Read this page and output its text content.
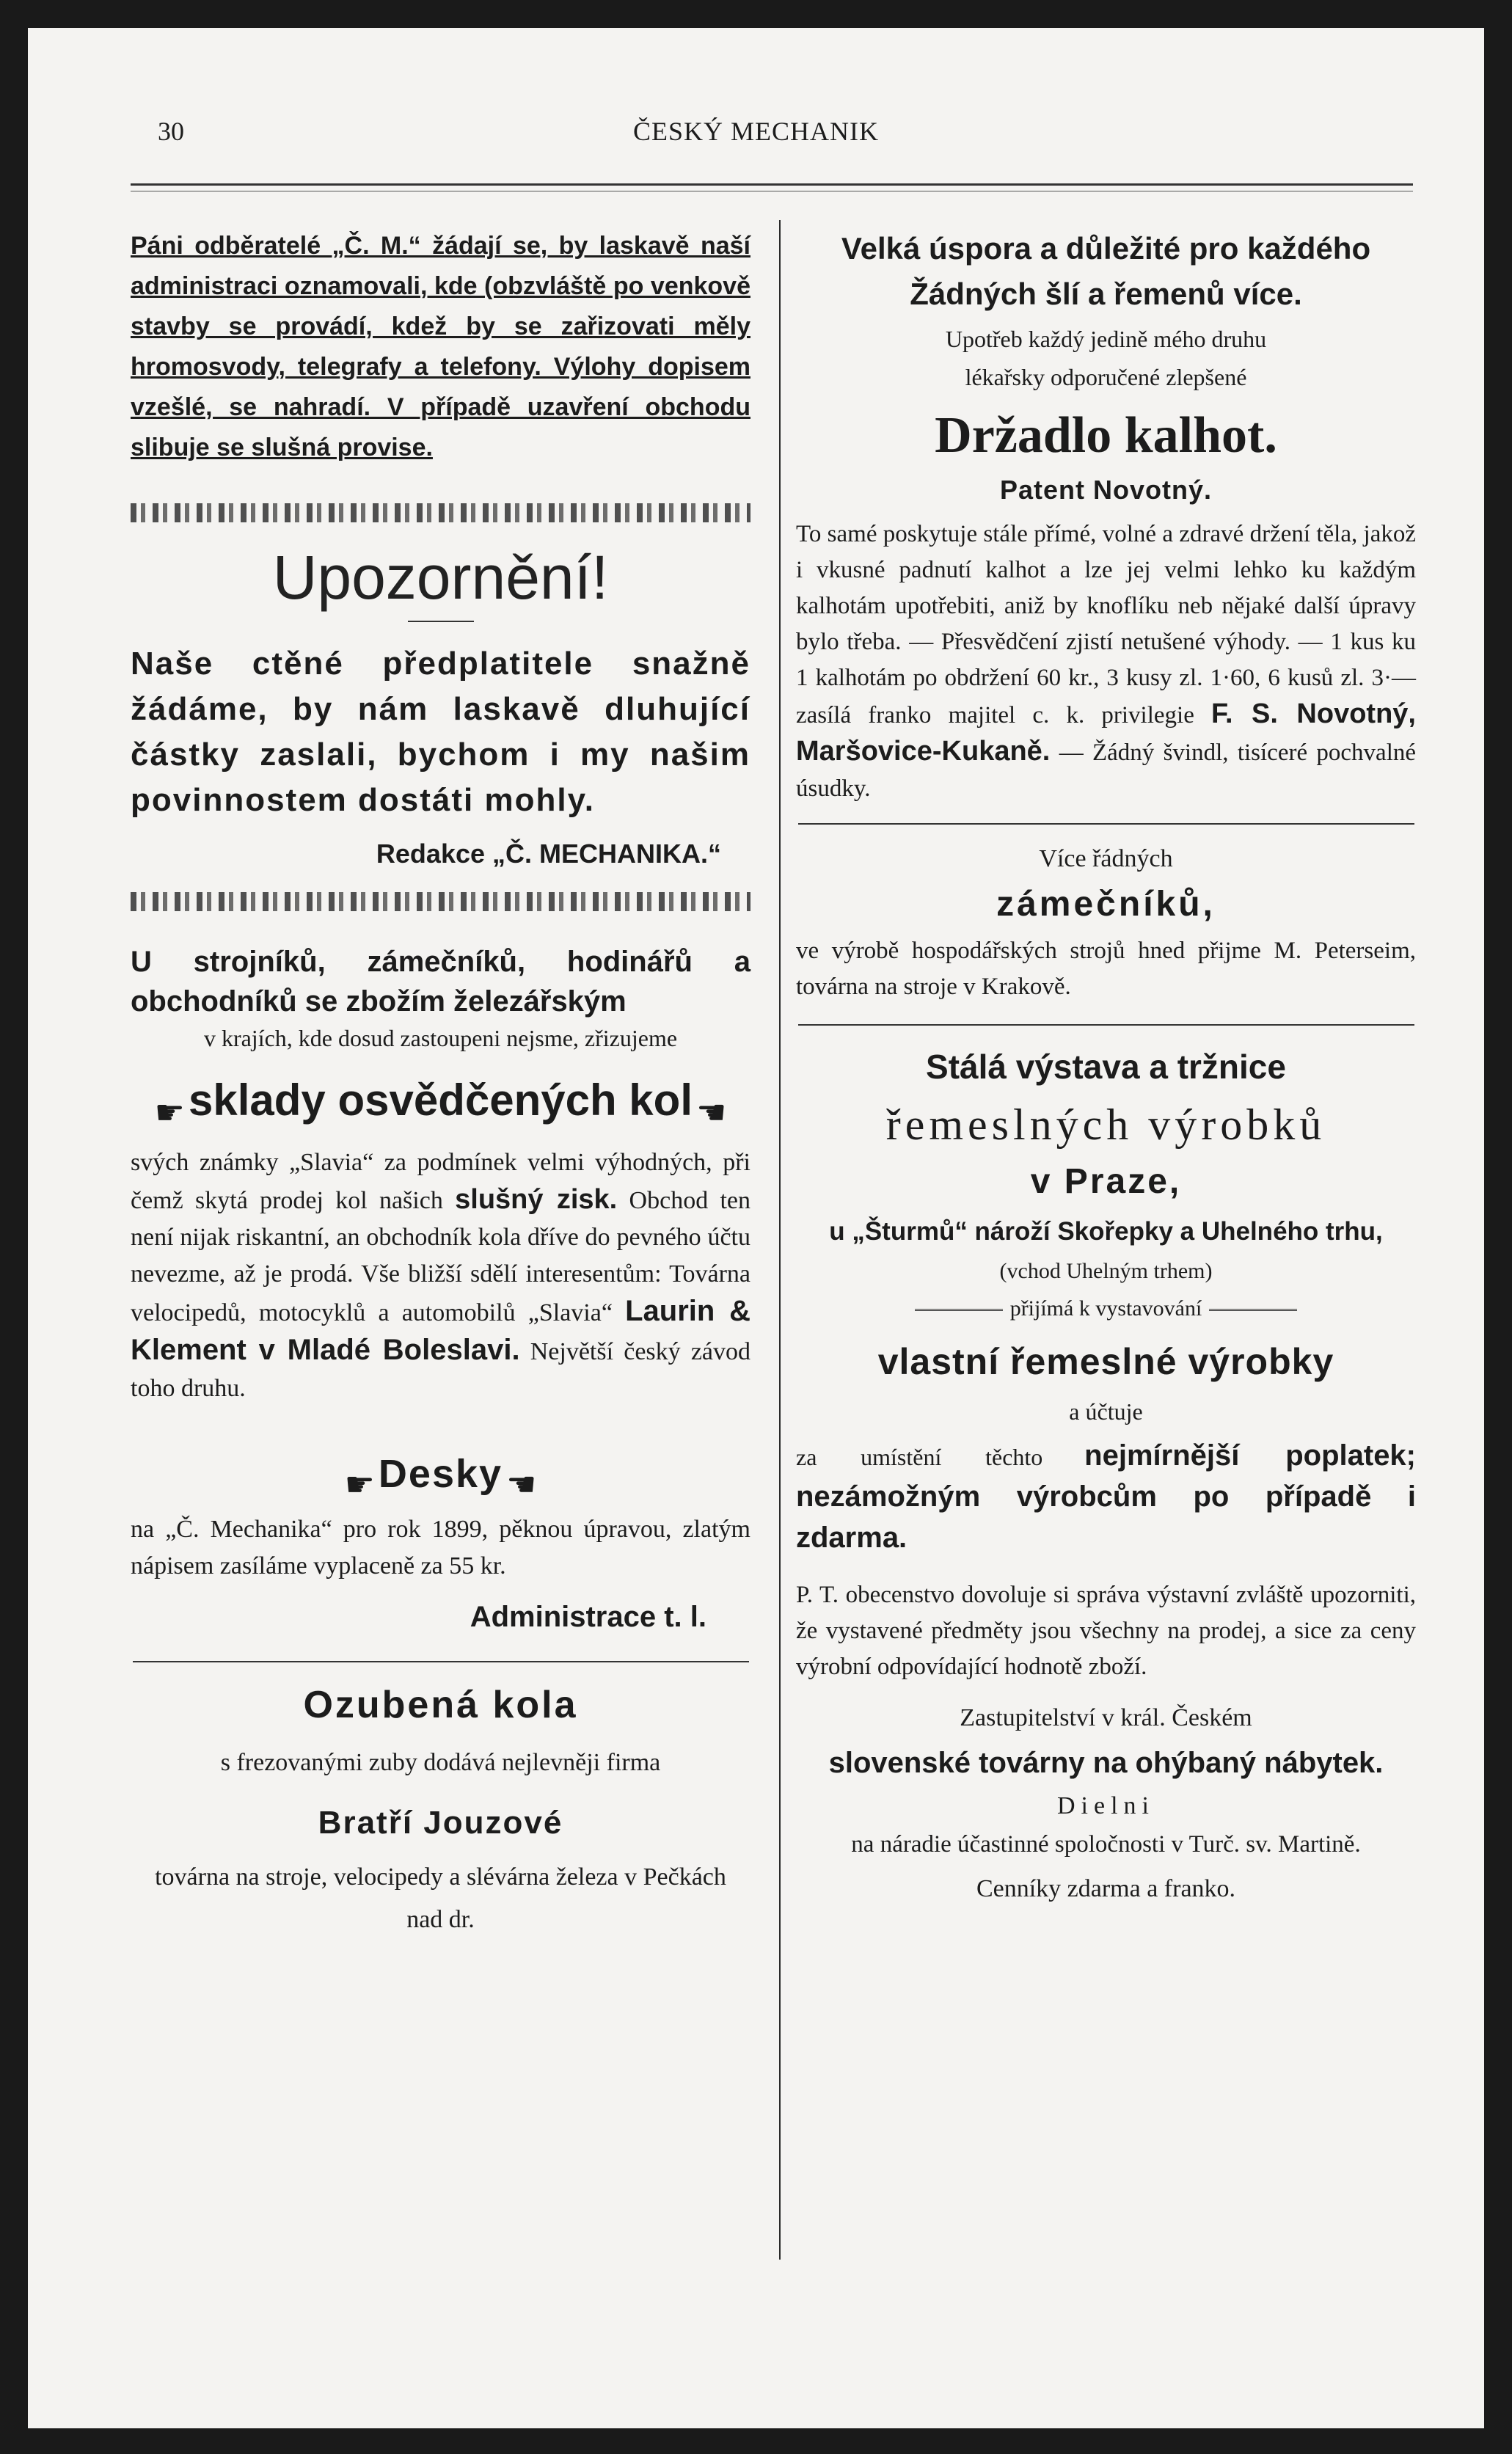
30	ČESKÝ MECHANIK
Páni odběratelé „Č. M.“ žádají se, by laskavě naší administraci oznamovali, kde (obzvláště po venkově stavby se provádí, kdež by se zařizovati měly hromosvody, telegrafy a telefony. Výlohy dopisem vzešlé, se nahradí. V případě uzavření obchodu slibuje se slušná provise.
Upozornění!
Naše ctěné předplatitele snažně žádáme, by nám laskavě dluhující částky zaslali, bychom i my našim povinnostem dostáti mohly.
Redakce „Č. MECHANIKA.“
U strojníků, zámečníků, hodinářů a obchodníků se zbožím železářským
v krajích, kde dosud zastoupeni nejsme, zřizujeme
☛ sklady osvědčených kol ☚
svých známky „Slavia“ za podmínek velmi výhodných, při čemž skytá prodej kol našich slušný zisk. Obchod ten není nijak riskantní, an obchodník kola dříve do pevného účtu nevezme, až je prodá. Vše bližší sdělí interesentům: Továrna velocipedů, motocyklů a automobilů „Slavia“ Laurin & Klement v Mladé Boleslavi. Největší český závod toho druhu.
☛ Desky ☚
na „Č. Mechanika“ pro rok 1899, pěknou úpravou, zlatým nápisem zasíláme vyplaceně za 55 kr.
Administrace t. l.
Ozubená kola
s frezovanými zuby dodává nejlevněji firma
Bratří Jouzové
továrna na stroje, velocipedy a slévárna železa v Pečkách nad dr.
Velká úspora a důležité pro každého
Žádných šlí a řemenů více.
Upotřeb každý jedině mého druhu
lékařsky odporučené zlepšené
Držadlo kalhot.
Patent Novotný.
To samé poskytuje stále přímé, volné a zdravé držení těla, jakož i vkusné padnutí kalhot a lze jej velmi lehko ku každým kalhotám upotřebiti, aniž by knoflíku neb nějaké další úpravy bylo třeba. — Přesvědčení zjistí netušené výhody. — 1 kus ku 1 kalhotám po obdržení 60 kr., 3 kusy zl. 1·60, 6 kusů zl. 3·— zasílá franko majitel c. k. privilegie F. S. Novotný, Maršovice-Kukaně. — Žádný švindl, tisíceré pochvalné úsudky.
Více řádných
zámečníků,
ve výrobě hospodářských strojů hned přijme M. Peterseim, továrna na stroje v Krakově.
Stálá výstava a tržnice
řemeslných výrobků
v Praze,
u „Šturmů“ nároží Skořepky a Uhelného trhu,
(vchod Uhelným trhem)
přijímá k vystavování
vlastní řemeslné výrobky
a účtuje
za umístění těchto nejmírnější poplatek; nezámožným výrobcům po případě i zdarma.
P. T. obecenstvo dovoluje si správa výstavní zvláště upozorniti, že vystavené předměty jsou všechny na prodej, a sice za ceny výrobní odpovídající hodnotě zboží.
Zastupitelství v král. Českém
slovenské továrny na ohýbaný nábytek.
Dielni
na náradie účastinné spoločnosti v Turč. sv. Martině.
Cenníky zdarma a franko.
